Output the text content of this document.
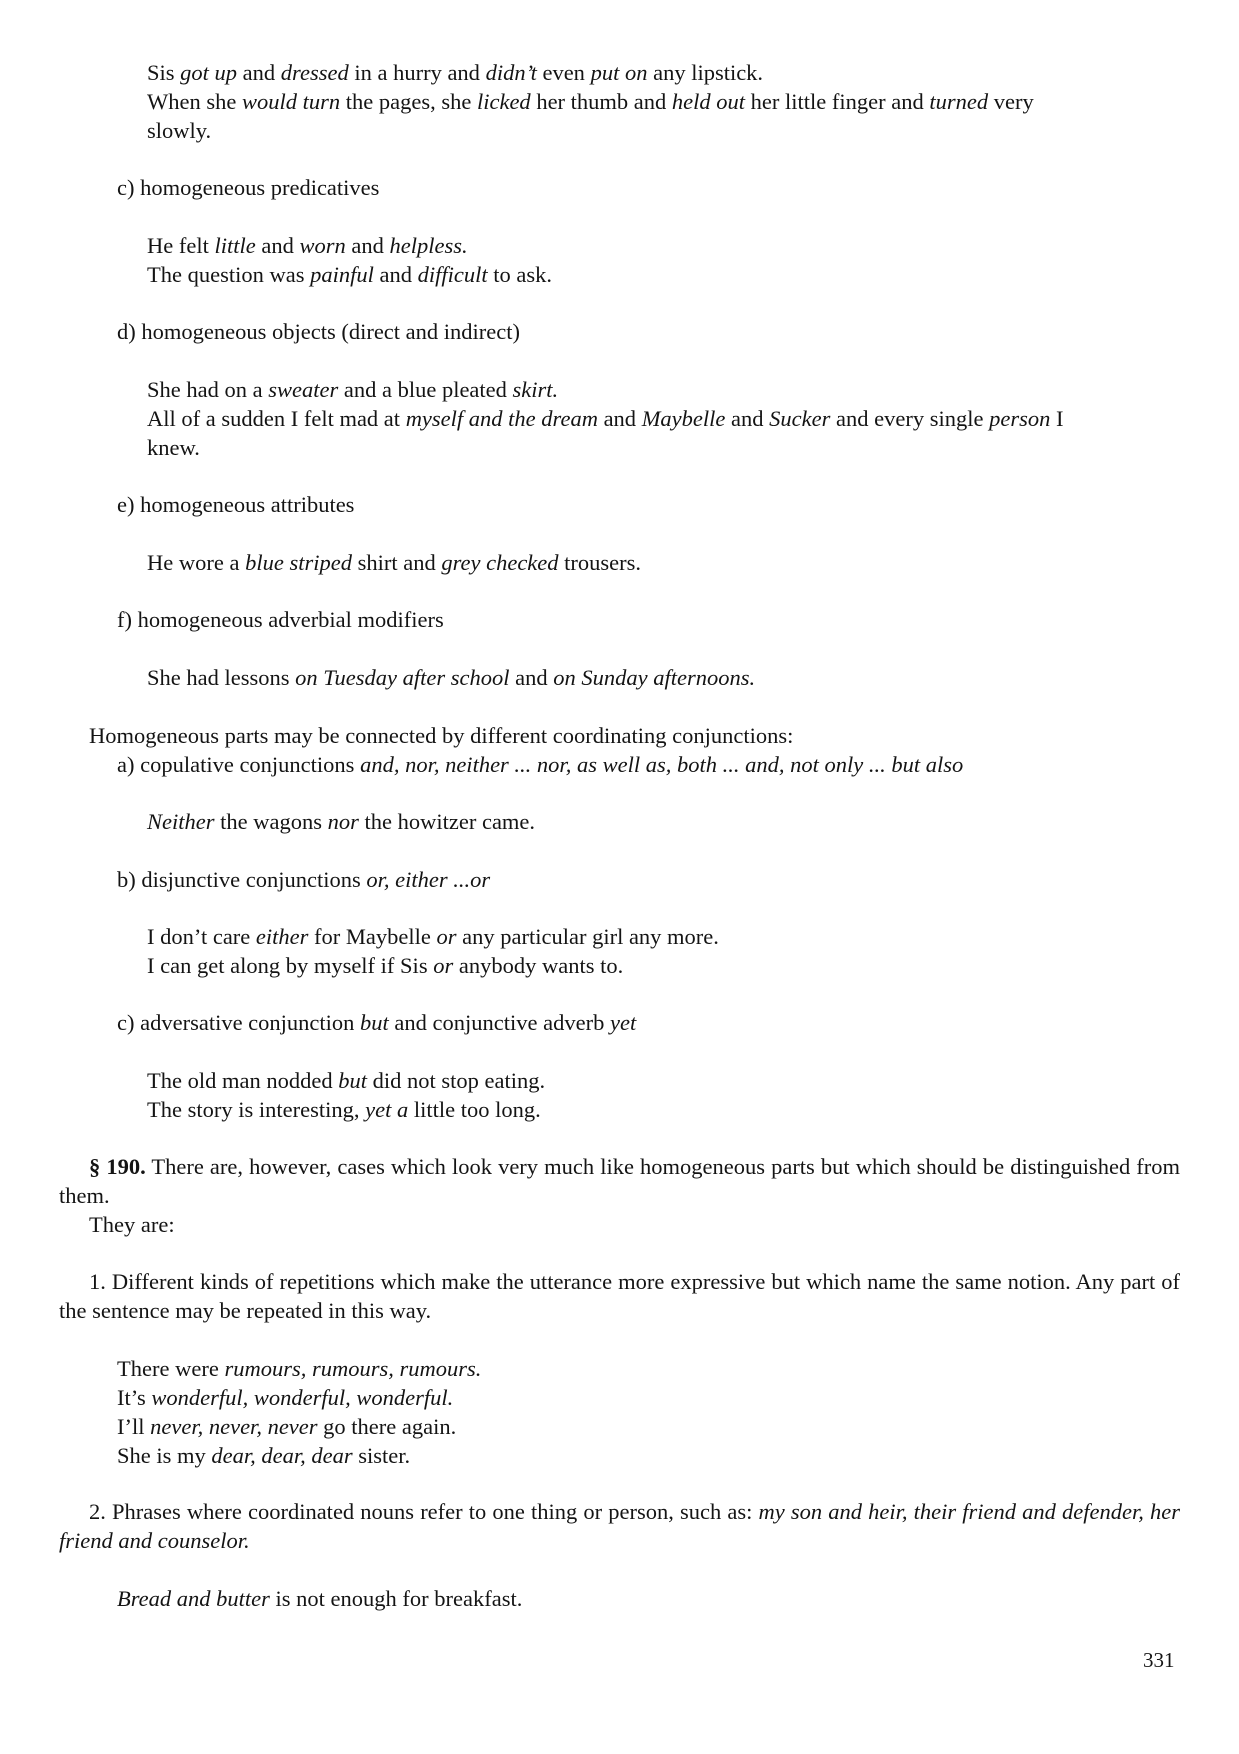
Sis got up and dressed in a hurry and didn’t even put on any lipstick.
When she would turn the pages, she licked her thumb and held out her little finger and turned very
slowly.
c) homogeneous predicatives
He felt little and worn and helpless.
The question was painful and difficult to ask.
d) homogeneous objects (direct and indirect)
She had on a sweater and a blue pleated skirt.
All of a sudden I felt mad at myself and the dream and Maybelle and Sucker and every single person I
knew.
e) homogeneous attributes
He wore a blue striped shirt and grey checked trousers.
f) homogeneous adverbial modifiers
She had lessons on Tuesday after school and on Sunday afternoons.
Homogeneous parts may be connected by different coordinating conjunctions:
a) copulative conjunctions and, nor, neither ... nor, as well as, both ... and, not only ... but also
Neither the wagons nor the howitzer came.
b) disjunctive conjunctions or, either ...or
I don’t care either for Maybelle or any particular girl any more.
I can get along by myself if Sis or anybody wants to.
c) adversative conjunction but and conjunctive adverb yet
The old man nodded but did not stop eating.
The story is interesting, yet a little too long.

§ 190. There are, however, cases which look very much like homogeneous parts but which should be distinguished from them.

They are:

1. Different kinds of repetitions which make the utterance more expressive but which name the same notion. Any part of the sentence may be repeated in this way.

There were rumours, rumours, rumours.
It’s wonderful, wonderful, wonderful.
I’ll never, never, never go there again.
She is my dear, dear, dear sister.

2. Phrases where coordinated nouns refer to one thing or person, such as: my son and heir, their friend and defender, her friend and counselor.

Bread and butter is not enough for breakfast.
331
